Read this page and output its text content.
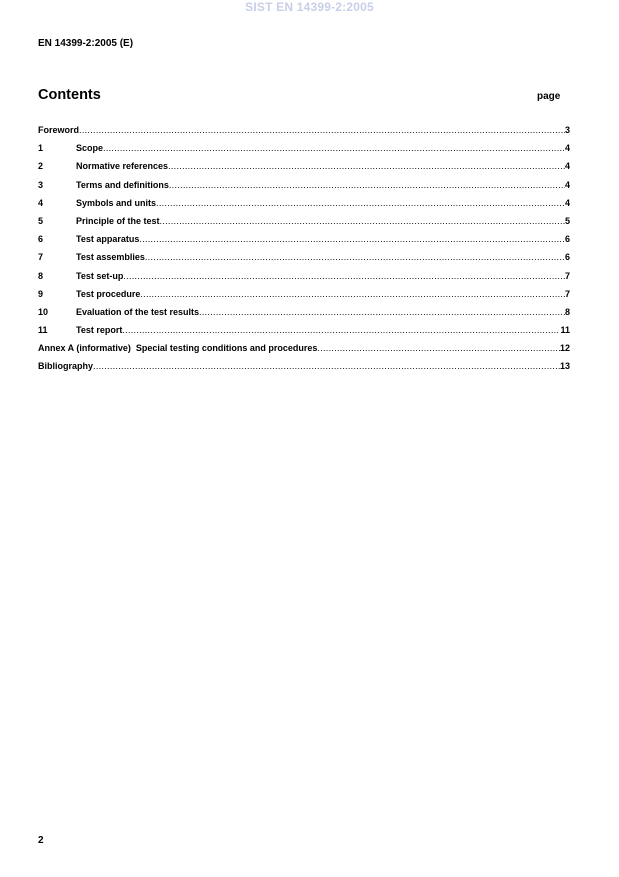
SIST EN 14399-2:2005
EN 14399-2:2005 (E)
Contents	page
Foreword .....	3
1	Scope .....	4
2	Normative references .....	4
3	Terms and definitions .....	4
4	Symbols and units .....	4
5	Principle of the test .....	5
6	Test apparatus .....	6
7	Test assemblies .....	6
8	Test set-up .....	7
9	Test procedure .....	7
10	Evaluation of the test results .....	8
11	Test report .....	11
Annex A (informative)  Special testing conditions and procedures .....	12
Bibliography .....	13
2
